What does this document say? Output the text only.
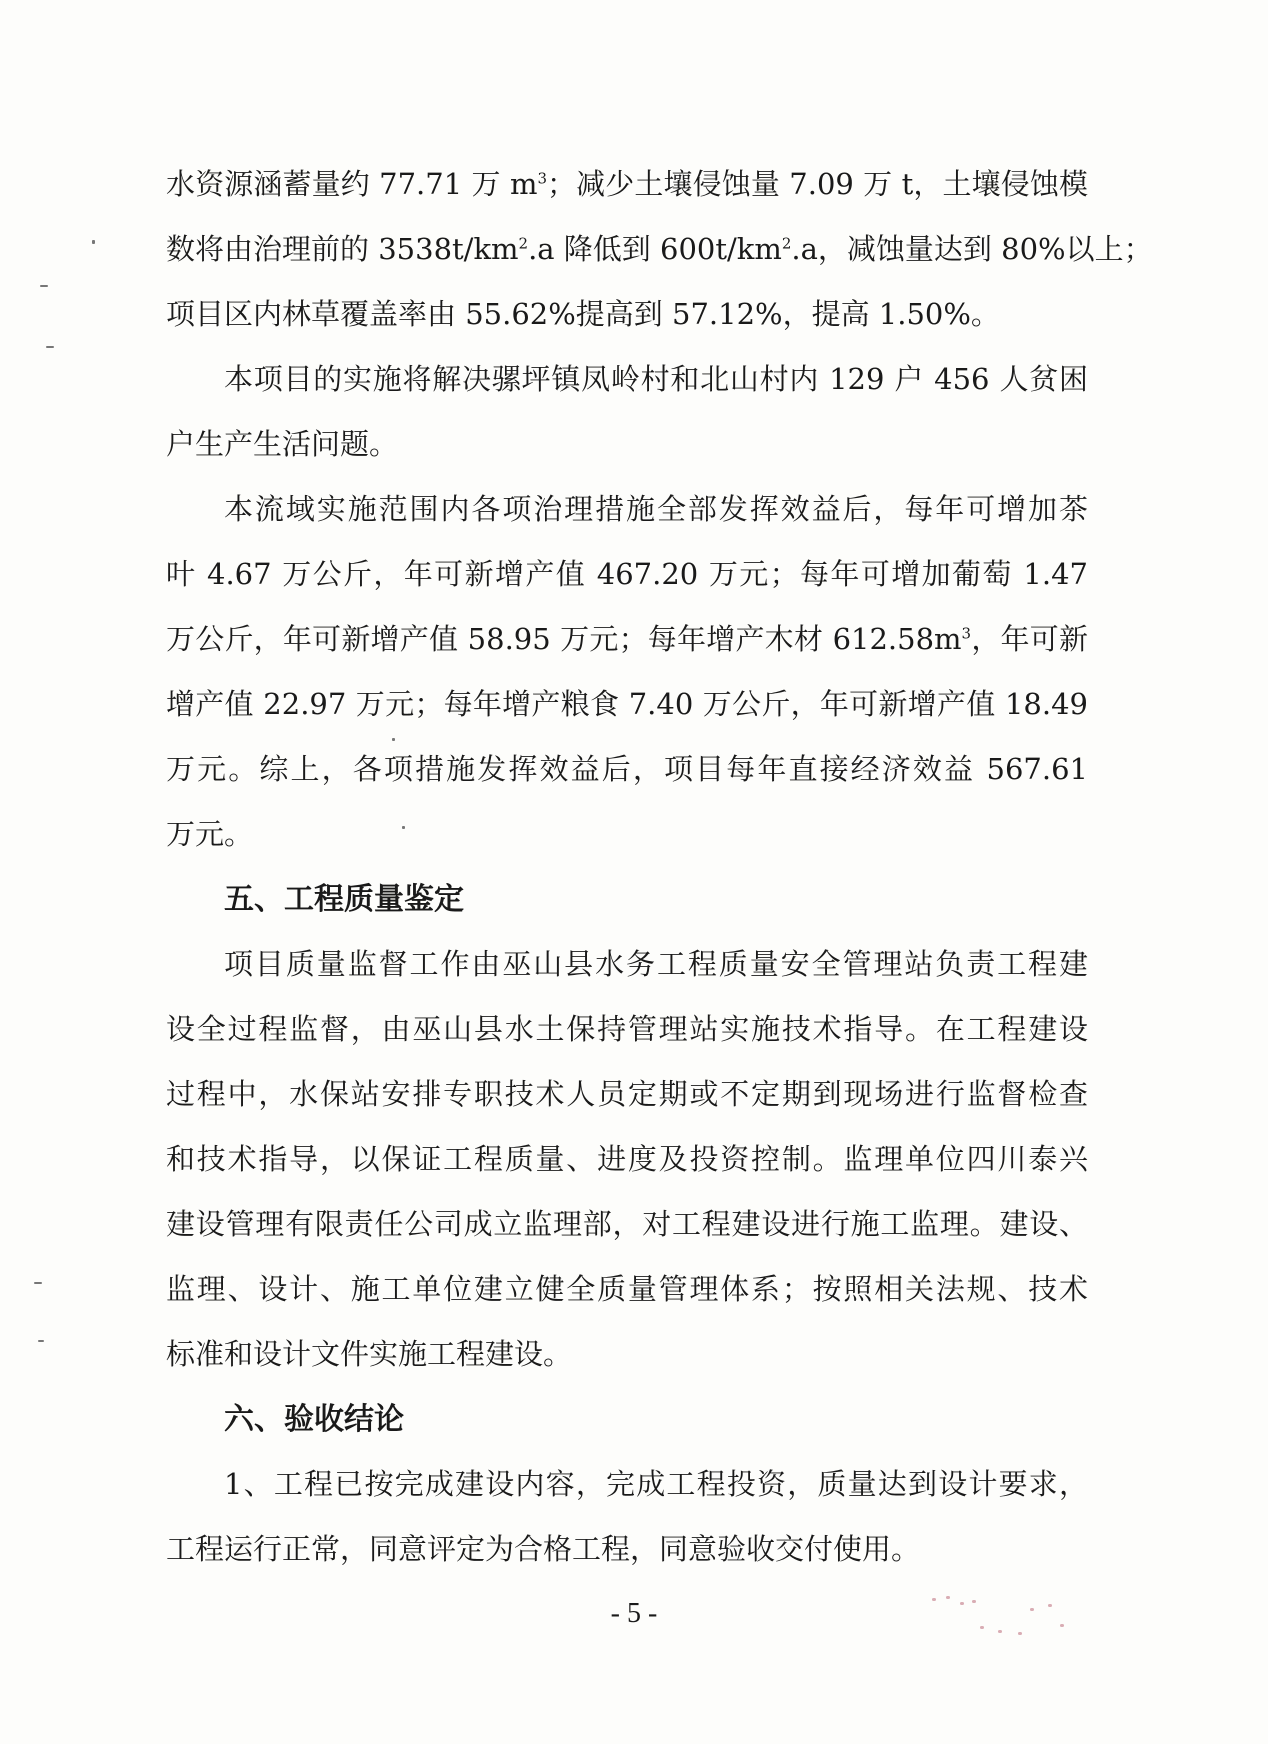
水资源涵蓄量约 77.71 万 $m^3$；减少土壤侵蚀量 7.09 万 t，土壤侵蚀模
数将由治理前的 $3538t/km^2.a$ 降低到 $600t/km^2.a$，减蚀量达到 80%以上；
项目区内林草覆盖率由 55.62%提高到 57.12%，提高 1.50%。
本项目的实施将解决骡坪镇凤岭村和北山村内 129 户 456 人贫困
户生产生活问题。
本流域实施范围内各项治理措施全部发挥效益后，每年可增加茶
叶 4.67 万公斤，年可新增产值 467.20 万元；每年可增加葡萄 1.47
万公斤，年可新增产值 58.95 万元；每年增产木材 $612.58m^3$，年可新
增产值 22.97 万元；每年增产粮食 7.40 万公斤，年可新增产值 18.49
万元。综上，各项措施发挥效益后，项目每年直接经济效益 567.61
万元。
五、工程质量鉴定
项目质量监督工作由巫山县水务工程质量安全管理站负责工程建
设全过程监督，由巫山县水土保持管理站实施技术指导。在工程建设
过程中，水保站安排专职技术人员定期或不定期到现场进行监督检查
和技术指导，以保证工程质量、进度及投资控制。监理单位四川泰兴
建设管理有限责任公司成立监理部，对工程建设进行施工监理。建设、
监理、设计、施工单位建立健全质量管理体系；按照相关法规、技术
标准和设计文件实施工程建设。
六、验收结论
1、工程已按完成建设内容，完成工程投资，质量达到设计要求，
工程运行正常，同意评定为合格工程，同意验收交付使用。
- 5 -
